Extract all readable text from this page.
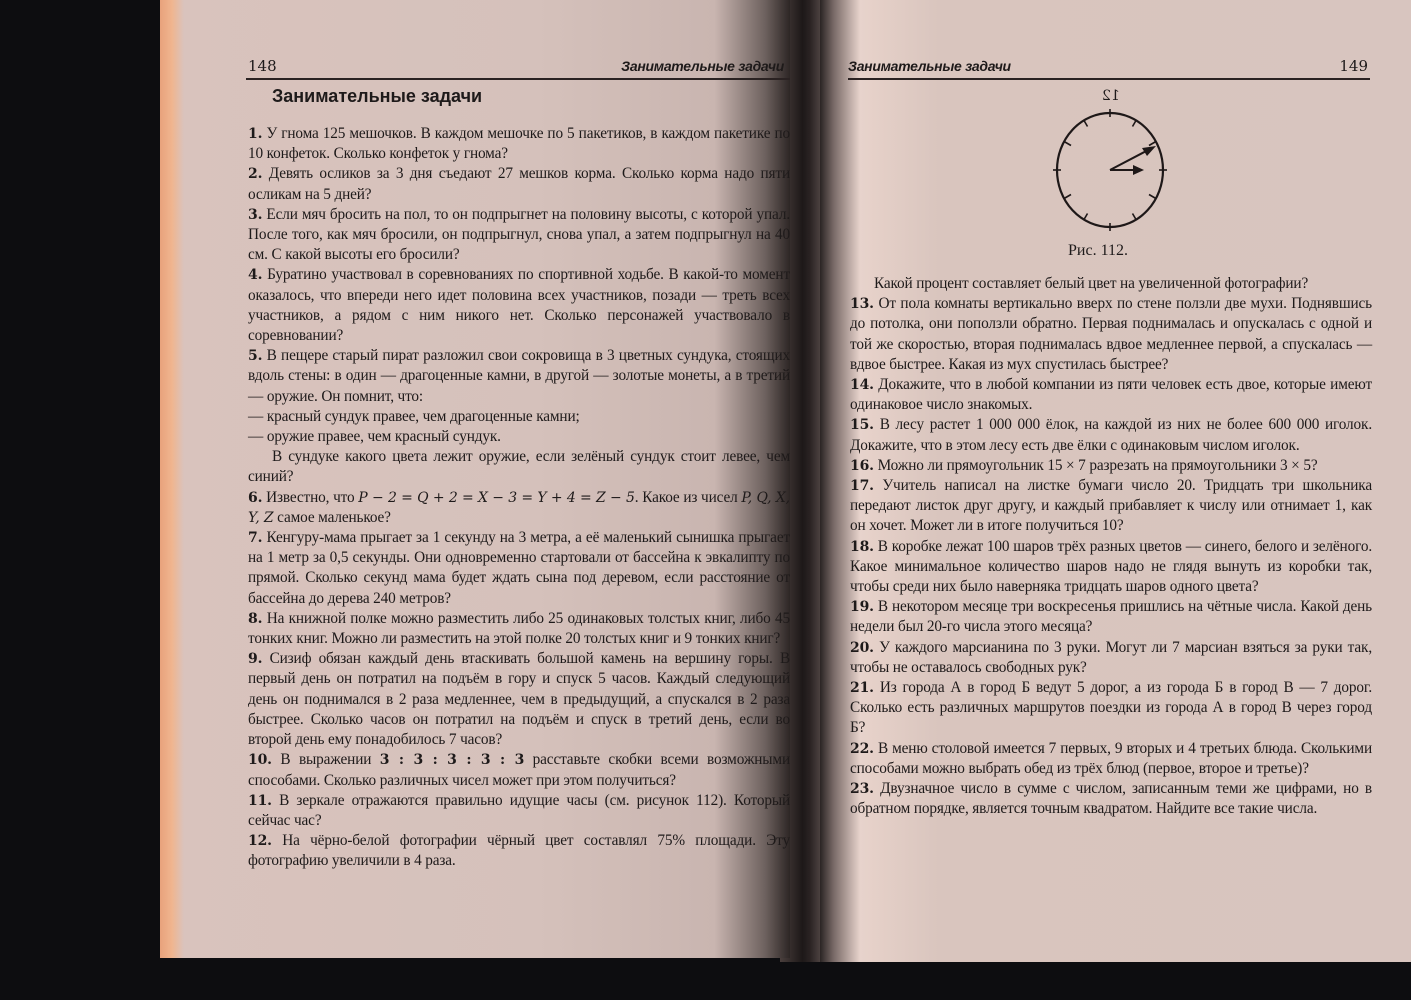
148	Занимательные задачи
Занимательные задачи

1. У гнома 125 мешочков. В каждом мешочке по 5 пакетиков, в каждом пакетике по 10 конфеток. Сколько конфеток у гнома?

2. Девять осликов за 3 дня съедают 27 мешков корма. Сколько корма надо пяти осликам на 5 дней?

3. Если мяч бросить на пол, то он подпрыгнет на половину высоты, с которой упал. После того, как мяч бросили, он подпрыгнул, снова упал, а затем подпрыгнул на 40 см. С какой высоты его бросили?

4. Буратино участвовал в соревнованиях по спортивной ходьбе. В какой-то момент оказалось, что впереди него идет половина всех участников, позади — треть всех участников, а рядом с ним никого нет. Сколько персонажей участвовало в соревновании?

5. В пещере старый пират разложил свои сокровища в 3 цветных сундука, стоящих вдоль стены: в один — драгоценные камни, в другой — золотые монеты, а в третий — оружие. Он помнит, что:

— красный сундук правее, чем драгоценные камни;

— оружие правее, чем красный сундук.

В сундуке какого цвета лежит оружие, если зелёный сундук стоит левее, чем синий?

6. Известно, что P − 2 = Q + 2 = X − 3 = Y + 4 = Z − 5. Какое из чисел P, Q, X, Y, Z самое маленькое?

7. Кенгуру-мама прыгает за 1 секунду на 3 метра, а её маленький сынишка прыгает на 1 метр за 0,5 секунды. Они одновременно стартовали от бассейна к эвкалипту по прямой. Сколько секунд мама будет ждать сына под деревом, если расстояние от бассейна до дерева 240 метров?

8. На книжной полке можно разместить либо 25 одинаковых толстых книг, либо 45 тонких книг. Можно ли разместить на этой полке 20 толстых книг и 9 тонких книг?

9. Сизиф обязан каждый день втаскивать большой камень на вершину горы. В первый день он потратил на подъём в гору и спуск 5 часов. Каждый следующий день он поднимался в 2 раза медленнее, чем в предыдущий, а спускался в 2 раза быстрее. Сколько часов он потратил на подъём и спуск в третий день, если во второй день ему понадобилось 7 часов?

10. В выражении 3 : 3 : 3 : 3 : 3 расставьте скобки всеми возможными способами. Сколько различных чисел может при этом получиться?

11. В зеркале отражаются правильно идущие часы (см. рисунок 112). Который сейчас час?

12. На чёрно-белой фотографии чёрный цвет составлял 75% площади. Эту фотографию увеличили в 4 раза.

Занимательные задачи	149
12
Рис. 112.

Какой процент составляет белый цвет на увеличенной фотографии?

13. От пола комнаты вертикально вверх по стене ползли две мухи. Поднявшись до потолка, они поползли обратно. Первая поднималась и опускалась с одной и той же скоростью, вторая поднималась вдвое медленнее первой, а спускалась — вдвое быстрее. Какая из мух спустилась быстрее?

14. Докажите, что в любой компании из пяти человек есть двое, которые имеют одинаковое число знакомых.

15. В лесу растет 1 000 000 ёлок, на каждой из них не более 600 000 иголок. Докажите, что в этом лесу есть две ёлки с одинаковым числом иголок.

16. Можно ли прямоугольник 15 × 7 разрезать на прямоугольники 3 × 5?

17. Учитель написал на листке бумаги число 20. Тридцать три школьника передают листок друг другу, и каждый прибавляет к числу или отнимает 1, как он хочет. Может ли в итоге получиться 10?

18. В коробке лежат 100 шаров трёх разных цветов — синего, белого и зелёного. Какое минимальное количество шаров надо не глядя вынуть из коробки так, чтобы среди них было наверняка тридцать шаров одного цвета?

19. В некотором месяце три воскресенья пришлись на чётные числа. Какой день недели был 20-го числа этого месяца?

20. У каждого марсианина по 3 руки. Могут ли 7 марсиан взяться за руки так, чтобы не оставалось свободных рук?

21. Из города А в город Б ведут 5 дорог, а из города Б в город В — 7 дорог. Сколько есть различных маршрутов поездки из города А в город В через город Б?

22. В меню столовой имеется 7 первых, 9 вторых и 4 третьих блюда. Сколькими способами можно выбрать обед из трёх блюд (первое, второе и третье)?

23. Двузначное число в сумме с числом, записанным теми же цифрами, но в обратном порядке, является точным квадратом. Найдите все такие числа.
